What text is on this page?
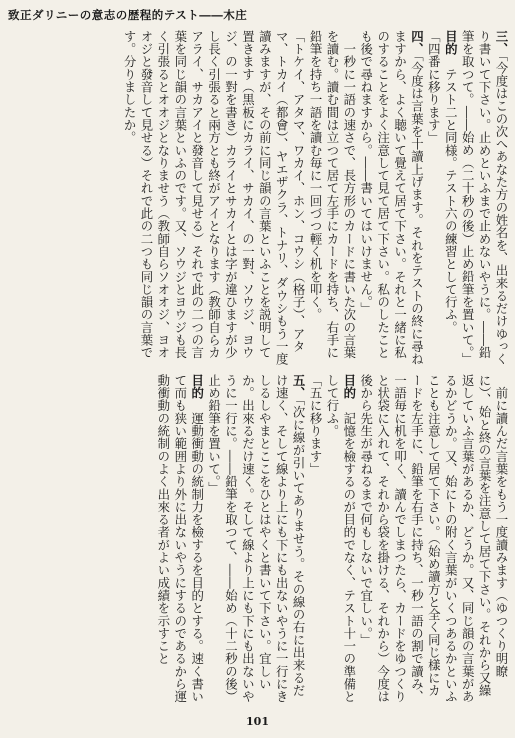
致正ダリニーの意志の歴程的テスト――木庄

三、「今度はこの次へあなた方の姓名を、出来るだけゆっくり書いて下さい。止めといふまで止めないやうに。――鉛筆を取つて。――始め（二十秒の後）止め鉛筆を置いて。」

目的　テスト二と同様。テスト六の練習として行ふ。

「四番に移ります」

四、「今度は言葉を十讀上げます。それをテストの終に尋ねますから、よく聴いて覺えて居て下さい。それと一緒に私のすることをよく注意して見て居て下さい。私のしたことも後で尋ねますから。――書いてはいけません。」

　一秒に一語の速さで、長方形のカードに書いた次の言葉を讀む。讀む間は立つて居て左手にカードを持ち、右手に鉛筆を持ち一語を讀む毎に一回づつ輕く机を叩く。

「トケイ、アタマ、ワカイ、ホン、コウシ（格子）、アタマ、トカイ（都會）、ヤエザクラ、トナリ、ダウシもう一度讀みますが、その前に同じ韻の言葉といふことを説明して置きます（黒板にカライ、サカイ、の一對、ソウジ、ヨウジ、の一對を書き）カライとサカイとは字が違ひますが少し長く引張ると兩方とも終がアイとなります（教師自らカアライ、サカアイと發音して見せる）それで此の二つの言葉を同じ韻の言葉といふのです。又、ソウジとヨウジも長く引張るとオオジとなりませう（教師自らソオオジ、ヨオオジと發音して見せる）それで此の二つも同じ韻の言葉です。分りましたか。

　前に讀んだ言葉をもう一度讀みます（ゆつくり明瞭に）、始と終の言葉を注意して居て下さい。それから又繰返していふ言葉があるか、どうか。又、同じ韻の言葉があるかどうか。又、始にトの附く言葉がいくつあるかといふことも注意して居て下さい。（始め讀方と全く同じ樣にカードを左手に、鉛筆を右手に持ち、一秒一語の割で讀み、一語毎に机を叩く、讀んでしまつたら、カードをゆつくりと状袋に入れて、それから袋を掛ける、それから）今度は後から先生が尋ねるまで何もしないで宜しい。」

目的　記憶を檢するのが目的でなく、テスト十一の準備として行ふ。

「五に移ります」

五、「次に線が引いてありませう。その線の右に出来るだけ速く、そして線より上にも下にも出ないやうに一行にきしるしやまとここをひとはやくと書いて下さい。宜しいか。出來るだけ速く。そして線より上にも下にも出ないやうに一行に。――鉛筆を取つて、――始め（十二秒の後）止め鉛筆を置いて。」

目的　運動衝動の統制力を檢するを目的とする。速く書いて而も狭い範囲より外に出ないやうにするのであるから運動衝動の統制のよく出來る者がよい成績を示すこと

101
